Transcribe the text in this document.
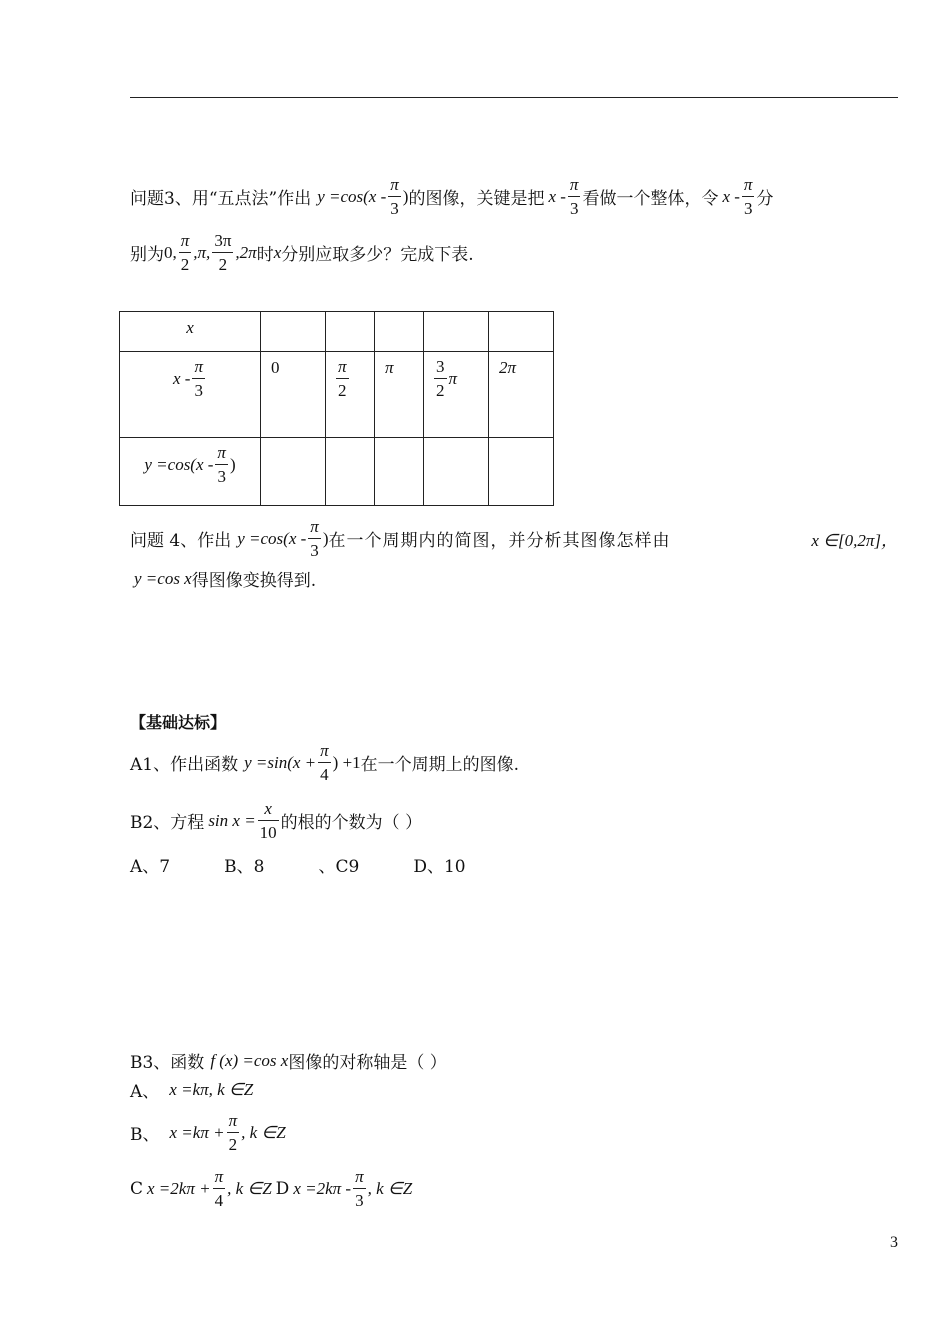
问题3、用“五点法”作出 $y =\cos(x - \frac{\pi}{3}$ ) 的图像，关键是把 x - $\frac{\pi}{3}$ 看做一个整体，令 x - $\frac{\pi}{3}$ 分
别为 0, $\frac{\pi}{2} ,\pi$, $\frac{3\pi}{2} ,2\pi$ 时 x 分别应取多少？完成下表.
x					

x - $\frac{\pi}{3}$	0	$\frac{\pi}{2}$	π	$\frac{3}{2}$ π	2π

$y =\cos(x - \frac{\pi}{3}$ )					

问题 4、作出 $y =\cos(x - \frac{\pi}{3}$ ) 在一个周期内的简图，并分析其图像怎样由	x ∈[0,2π]，
y =cos x 得图像变换得到.
【基础达标】
A1、作出函数 $y =\sin(x + \frac{\pi}{4}$ ) +1 在一个周期上的图像.
B2、方程 $\sin x = \frac{x}{10}$ 的根的个数为（ ）
A、7          B、8          、C9          D、10
B3、函数 f (x) =cos x 图像的对称轴是（ ）
A、 x =kπ, k ∈Z
B、 $x =k\pi + \frac{\pi}{2}$ , k ∈Z
C $x =2k\pi + \frac{\pi}{4}$ , k ∈Z D $x =2k\pi - \frac{\pi}{3}$ , k ∈Z
3
